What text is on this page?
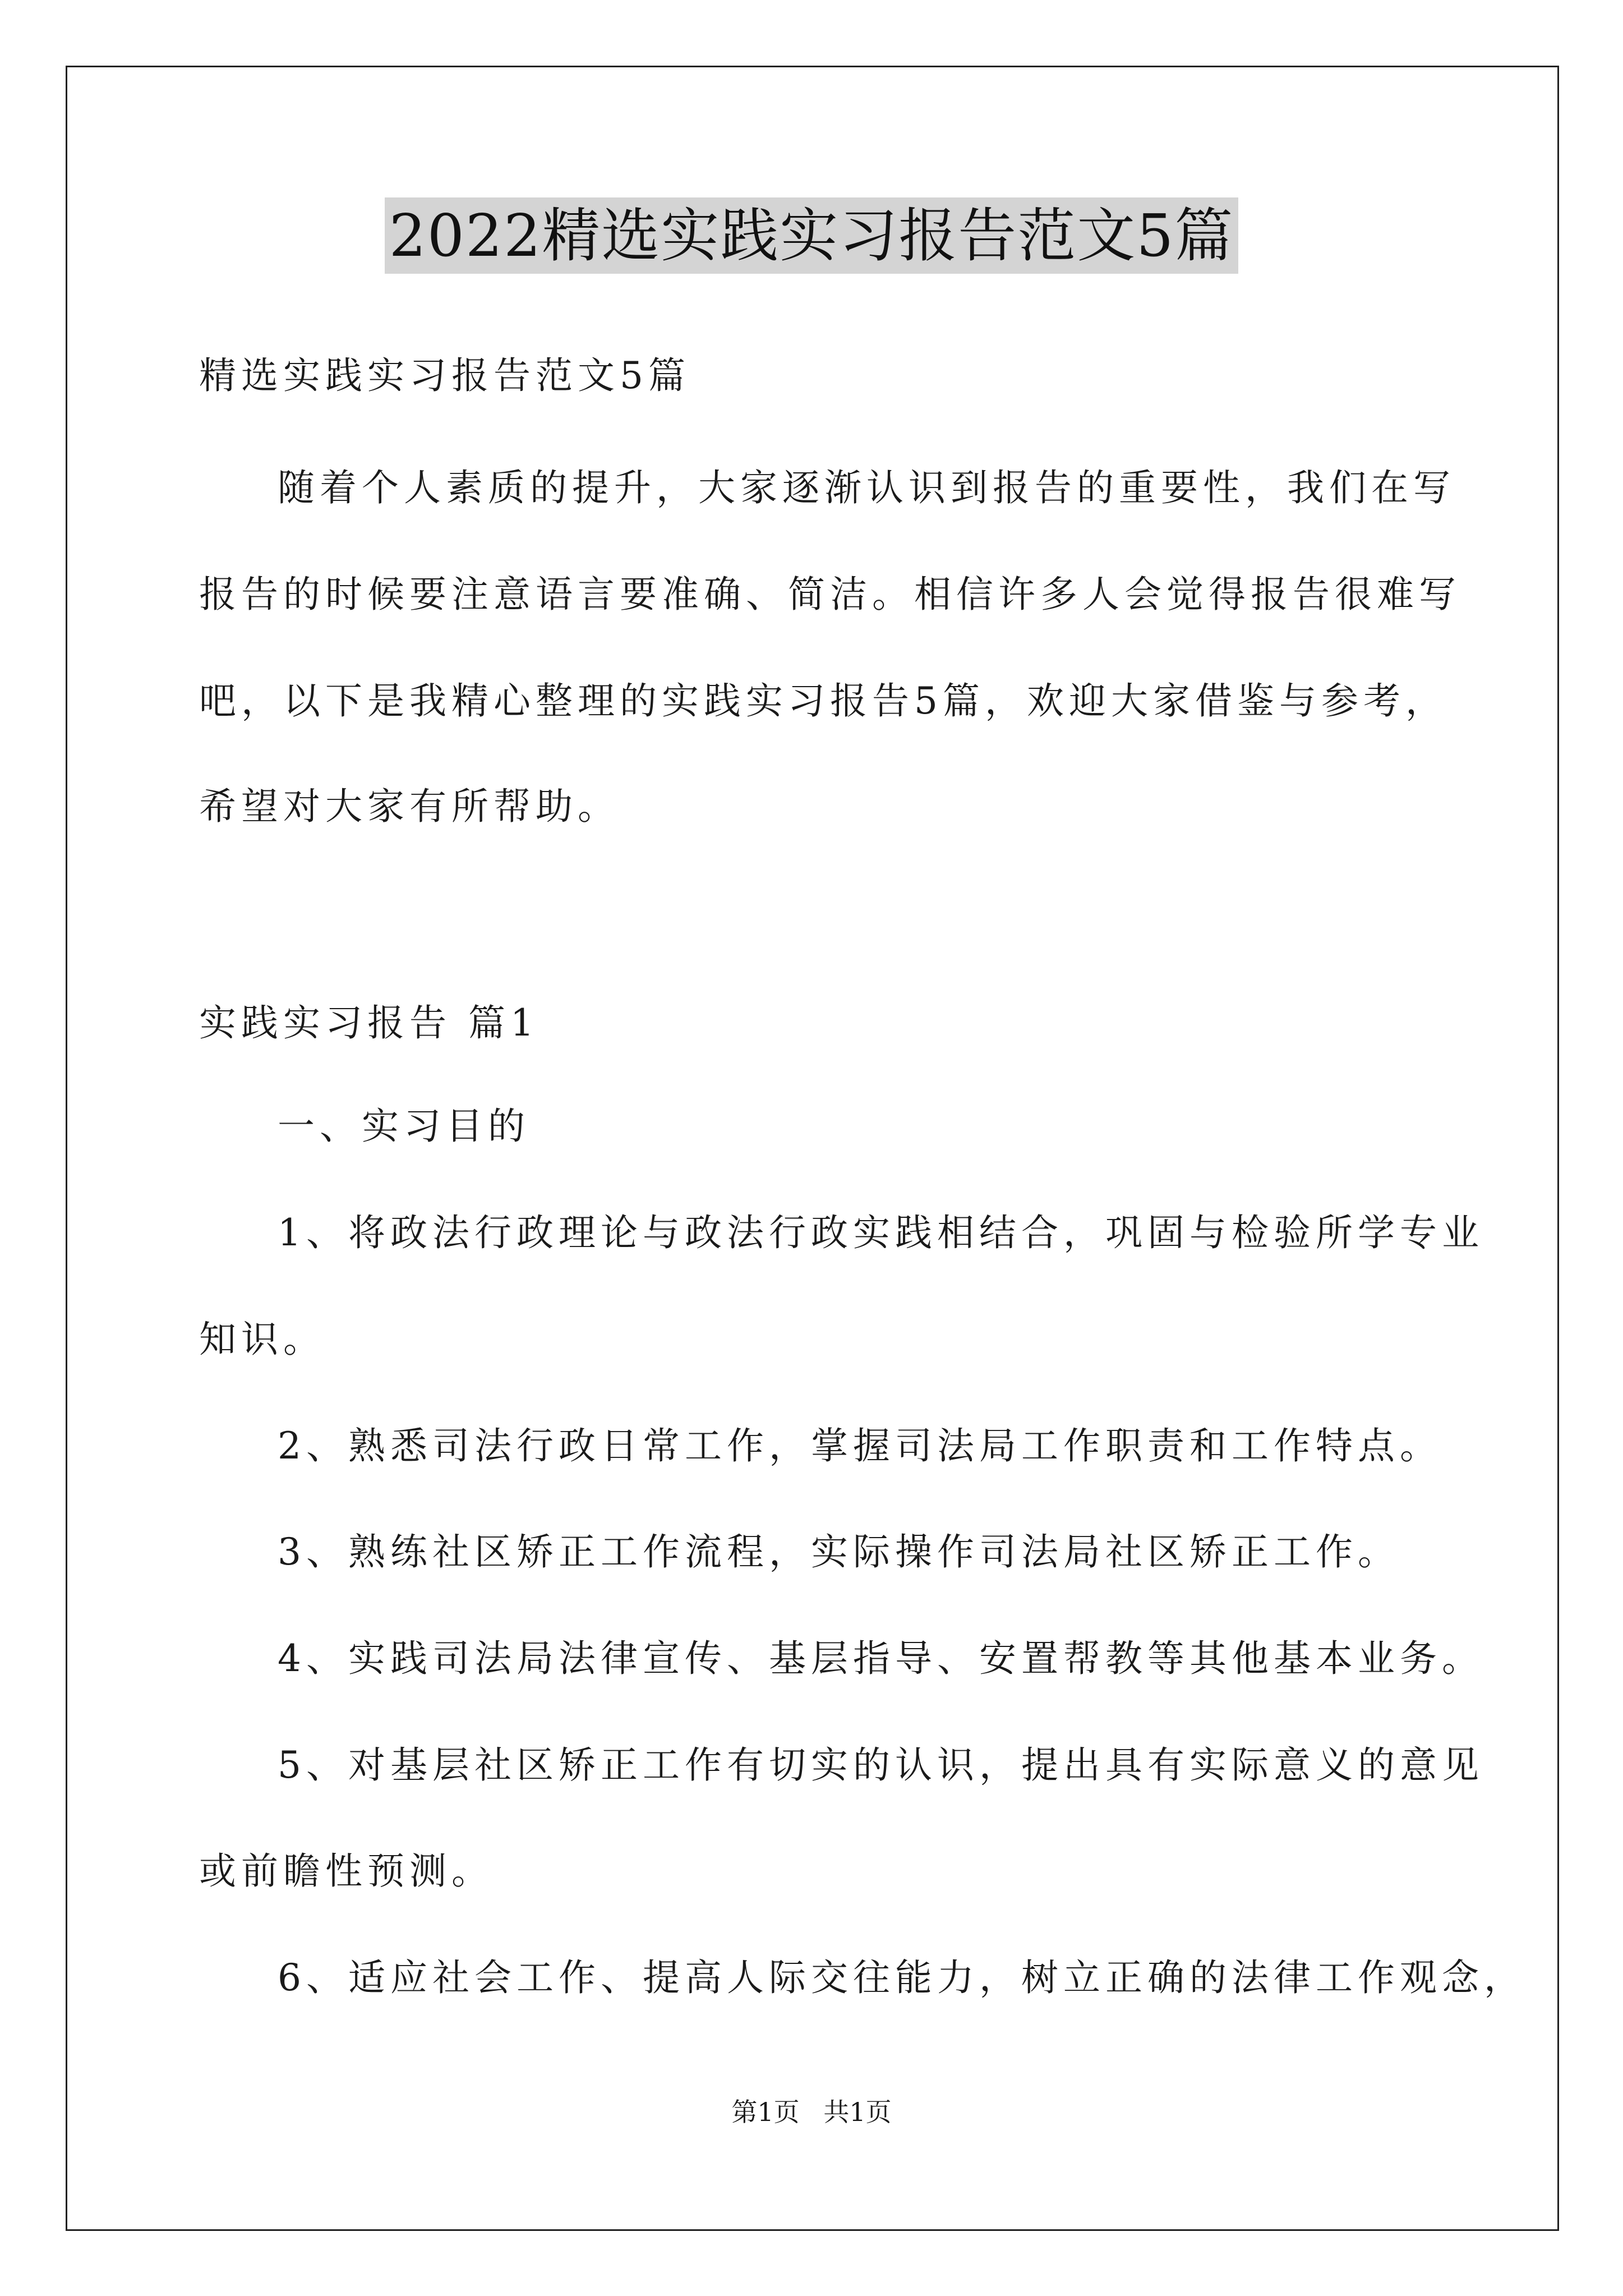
2022精选实践实习报告范文5篇
精选实践实习报告范文5篇
随着个人素质的提升，大家逐渐认识到报告的重要性，我们在写
报告的时候要注意语言要准确、简洁。相信许多人会觉得报告很难写
吧，以下是我精心整理的实践实习报告5篇，欢迎大家借鉴与参考，
希望对大家有所帮助。
实践实习报告 篇1
一、实习目的
1、将政法行政理论与政法行政实践相结合，巩固与检验所学专业
知识。
2、熟悉司法行政日常工作，掌握司法局工作职责和工作特点。
3、熟练社区矫正工作流程，实际操作司法局社区矫正工作。
4、实践司法局法律宣传、基层指导、安置帮教等其他基本业务。
5、对基层社区矫正工作有切实的认识，提出具有实际意义的意见
或前瞻性预测。
6、适应社会工作、提高人际交往能力，树立正确的法律工作观念，
第1页 共1页
